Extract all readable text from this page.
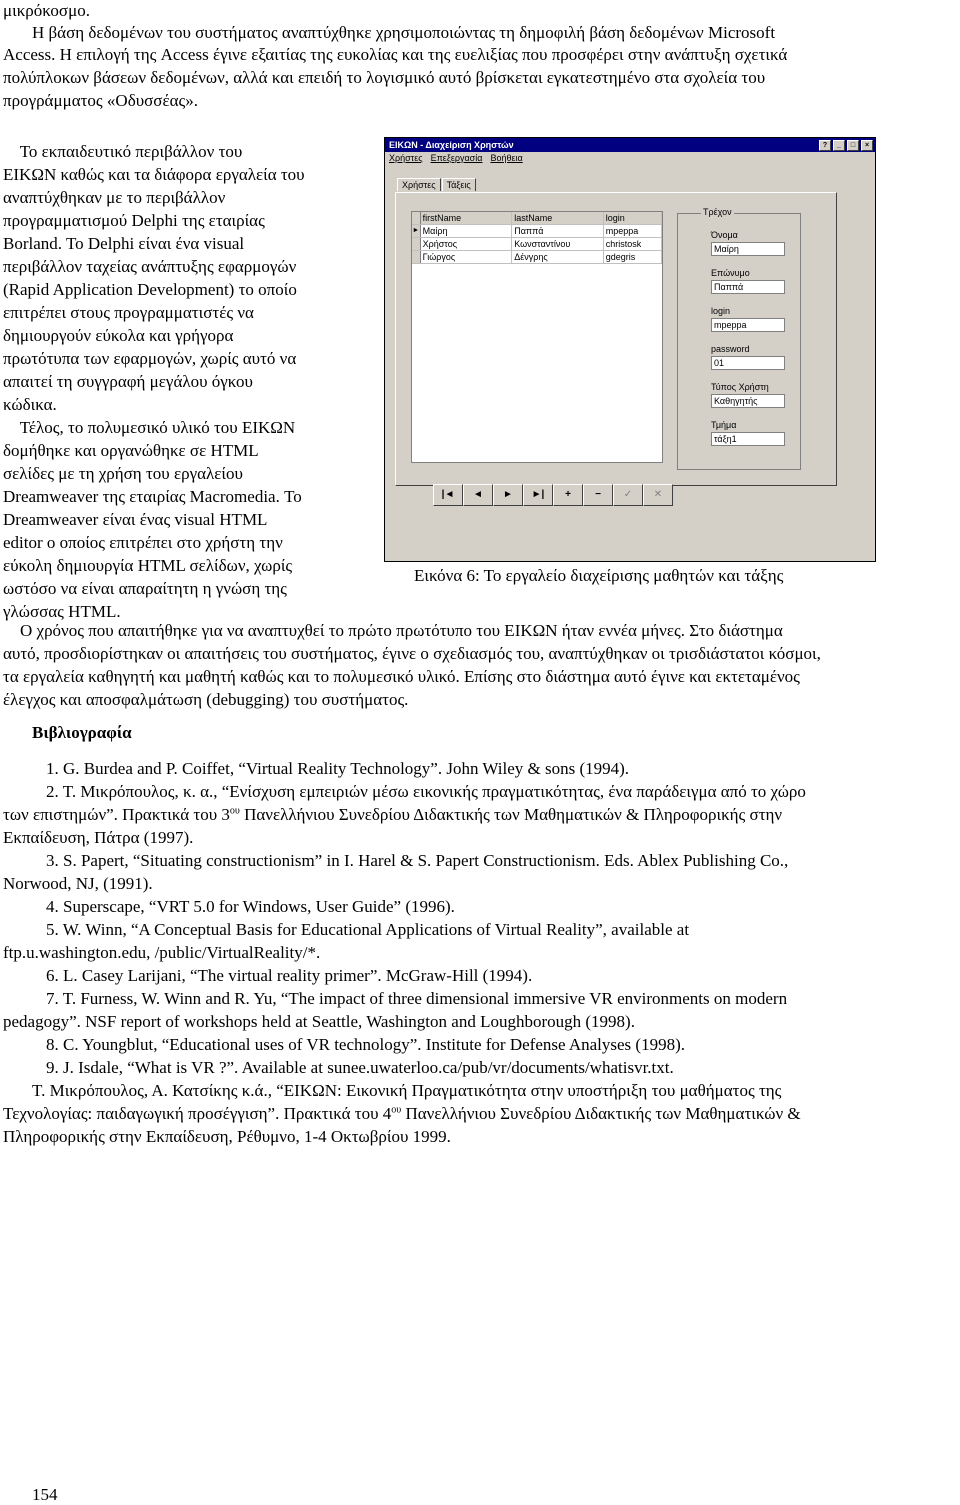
μικρόκοσμο.
Η βάση δεδομένων του συστήματος αναπτύχθηκε χρησιμοποιώντας τη δημοφιλή βάση δεδομένων Microsoft
Access. Η επιλογή της Access έγινε εξαιτίας της ευκολίας και της ευελιξίας που προσφέρει στην ανάπτυξη σχετικά
πολύπλοκων βάσεων δεδομένων, αλλά και επειδή το λογισμικό αυτό βρίσκεται εγκατεστημένο στα σχολεία του
προγράμματος «Οδυσσέας».
Το εκπαιδευτικό περιβάλλον του
ΕΙΚΩΝ καθώς και τα διάφορα εργαλεία του
αναπτύχθηκαν με το περιβάλλον
προγραμματισμού Delphi της εταιρίας
Borland. To Delphi είναι ένα visual
περιβάλλον ταχείας ανάπτυξης εφαρμογών
(Rapid Application Development) το οποίο
επιτρέπει στους προγραμματιστές να
δημιουργούν εύκολα και γρήγορα
πρωτότυπα των εφαρμογών, χωρίς αυτό να
απαιτεί τη συγγραφή μεγάλου όγκου
κώδικα.
Τέλος, το πολυμεσικό υλικό του ΕΙΚΩΝ
δομήθηκε και οργανώθηκε σε HTML
σελίδες με τη χρήση του εργαλείου
Dreamweaver της εταιρίας Macromedia. Το
Dreamweaver είναι ένας visual HTML
editor ο οποίος επιτρέπει στο χρήστη την
εύκολη δημιουργία HTML σελίδων, χωρίς
ωστόσο να είναι απαραίτητη η γνώση της
γλώσσας HTML.
ΕΙΚΩΝ - Διαχείριση Χρηστών	?	_	□	×
Χρήστες Επεξεργασία Βοήθεια
Χρήστες	Τάξεις
firstName	lastName	login
► Μαίρη	Παππά	mpeppa
Χρήστος	Κωνσταντίνου	christosk
Γιώργος	Δένγρης	gdegris
Τρέχον
Όνομα
Μαίρη
Επώνυμο
Παππά
login
mpeppa
password
01
Τύπος Χρήστη
Καθηγητής
Τμήμα
τάξη1
|◄	◄	►	►|	+	−	✓	✕
Εικόνα 6: Το εργαλείο διαχείρισης μαθητών και τάξης
Ο χρόνος που απαιτήθηκε για να αναπτυχθεί το πρώτο πρωτότυπο του ΕΙΚΩΝ ήταν εννέα μήνες. Στο διάστημα
αυτό, προσδιορίστηκαν οι απαιτήσεις του συστήματος, έγινε ο σχεδιασμός του, αναπτύχθηκαν οι τρισδιάστατοι κόσμοι,
τα εργαλεία καθηγητή και μαθητή καθώς και το πολυμεσικό υλικό. Επίσης στο διάστημα αυτό έγινε και εκτεταμένος
έλεγχος και αποσφαλμάτωση (debugging) του συστήματος.
Βιβλιογραφία
1. G. Burdea and P. Coiffet, “Virtual Reality Technology”. John Wiley & sons (1994).
2. Τ. Μικρόπουλος, κ. α., “Ενίσχυση εμπειριών μέσω εικονικής πραγματικότητας, ένα παράδειγμα από το χώρο
των επιστημών”. Πρακτικά του $3^{o\upsilon}$ Πανελλήνιου Συνεδρίου Διδακτικής των Μαθηματικών & Πληροφορικής στην
Εκπαίδευση, Πάτρα (1997).
3. S. Papert, “Situating constructionism” in I. Harel & S. Papert Constructionism. Eds. Ablex Publishing Co.,
Norwood, NJ, (1991).
4. Superscape, “VRT 5.0 for Windows, User Guide” (1996).
5. W. Winn, “A Conceptual Basis for Educational Applications of Virtual Reality”, available at
ftp.u.washington.edu, /public/VirtualReality/*.
6. L. Casey Larijani, “The virtual reality primer”. McGraw-Hill (1994).
7. T. Furness, W. Winn and R. Yu, “The impact of three dimensional immersive VR environments on modern
pedagogy”. NSF report of workshops held at Seattle, Washington and Loughborough (1998).
8. C. Youngblut, “Educational uses of VR technology”. Institute for Defense Analyses (1998).
9. J. Isdale, “What is VR ?”. Available at sunee.uwaterloo.ca/pub/vr/documents/whatisvr.txt.
Τ. Μικρόπουλος, Α. Κατσίκης κ.ά., “ΕΙΚΩΝ: Εικονική Πραγματικότητα στην υποστήριξη του μαθήματος της
Τεχνολογίας: παιδαγωγική προσέγγιση”. Πρακτικά του $4^{o\upsilon}$ Πανελλήνιου Συνεδρίου Διδακτικής των Μαθηματικών &
Πληροφορικής στην Εκπαίδευση, Ρέθυμνο, 1-4 Οκτωβρίου 1999.
154
